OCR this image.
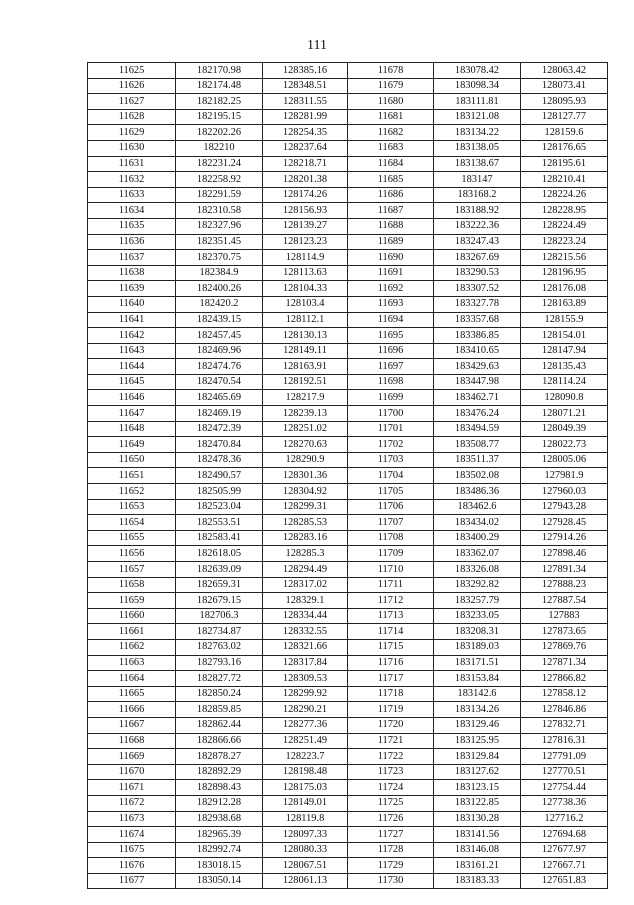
111
11625	182170.98	128385.16	11678	183078.42	128063.42
11626	182174.48	128348.51	11679	183098.34	128073.41
11627	182182.25	128311.55	11680	183111.81	128095.93
11628	182195.15	128281.99	11681	183121.08	128127.77
11629	182202.26	128254.35	11682	183134.22	128159.6
11630	182210	128237.64	11683	183138.05	128176.65
11631	182231.24	128218.71	11684	183138.67	128195.61
11632	182258.92	128201.38	11685	183147	128210.41
11633	182291.59	128174.26	11686	183168.2	128224.26
11634	182310.58	128156.93	11687	183188.92	128228.95
11635	182327.96	128139.27	11688	183222.36	128224.49
11636	182351.45	128123.23	11689	183247.43	128223.24
11637	182370.75	128114.9	11690	183267.69	128215.56
11638	182384.9	128113.63	11691	183290.53	128196.95
11639	182400.26	128104.33	11692	183307.52	128176.08
11640	182420.2	128103.4	11693	183327.78	128163.89
11641	182439.15	128112.1	11694	183357.68	128155.9
11642	182457.45	128130.13	11695	183386.85	128154.01
11643	182469.96	128149.11	11696	183410.65	128147.94
11644	182474.76	128163.91	11697	183429.63	128135.43
11645	182470.54	128192.51	11698	183447.98	128114.24
11646	182465.69	128217.9	11699	183462.71	128090.8
11647	182469.19	128239.13	11700	183476.24	128071.21
11648	182472.39	128251.02	11701	183494.59	128049.39
11649	182470.84	128270.63	11702	183508.77	128022.73
11650	182478.36	128290.9	11703	183511.37	128005.06
11651	182490.57	128301.36	11704	183502.08	127981.9
11652	182505.99	128304.92	11705	183486.36	127960.03
11653	182523.04	128299.31	11706	183462.6	127943.28
11654	182553.51	128285.53	11707	183434.02	127928.45
11655	182583.41	128283.16	11708	183400.29	127914.26
11656	182618.05	128285.3	11709	183362.07	127898.46
11657	182639.09	128294.49	11710	183326.08	127891.34
11658	182659.31	128317.02	11711	183292.82	127888.23
11659	182679.15	128329.1	11712	183257.79	127887.54
11660	182706.3	128334.44	11713	183233.05	127883
11661	182734.87	128332.55	11714	183208.31	127873.65
11662	182763.02	128321.66	11715	183189.03	127869.76
11663	182793.16	128317.84	11716	183171.51	127871.34
11664	182827.72	128309.53	11717	183153.84	127866.82
11665	182850.24	128299.92	11718	183142.6	127858.12
11666	182859.85	128290.21	11719	183134.26	127846.86
11667	182862.44	128277.36	11720	183129.46	127832.71
11668	182866.66	128251.49	11721	183125.95	127816.31
11669	182878.27	128223.7	11722	183129.84	127791.09
11670	182892.29	128198.48	11723	183127.62	127770.51
11671	182898.43	128175.03	11724	183123.15	127754.44
11672	182912.28	128149.01	11725	183122.85	127738.36
11673	182938.68	128119.8	11726	183130.28	127716.2
11674	182965.39	128097.33	11727	183141.56	127694.68
11675	182992.74	128080.33	11728	183146.08	127677.97
11676	183018.15	128067.51	11729	183161.21	127667.71
11677	183050.14	128061.13	11730	183183.33	127651.83
